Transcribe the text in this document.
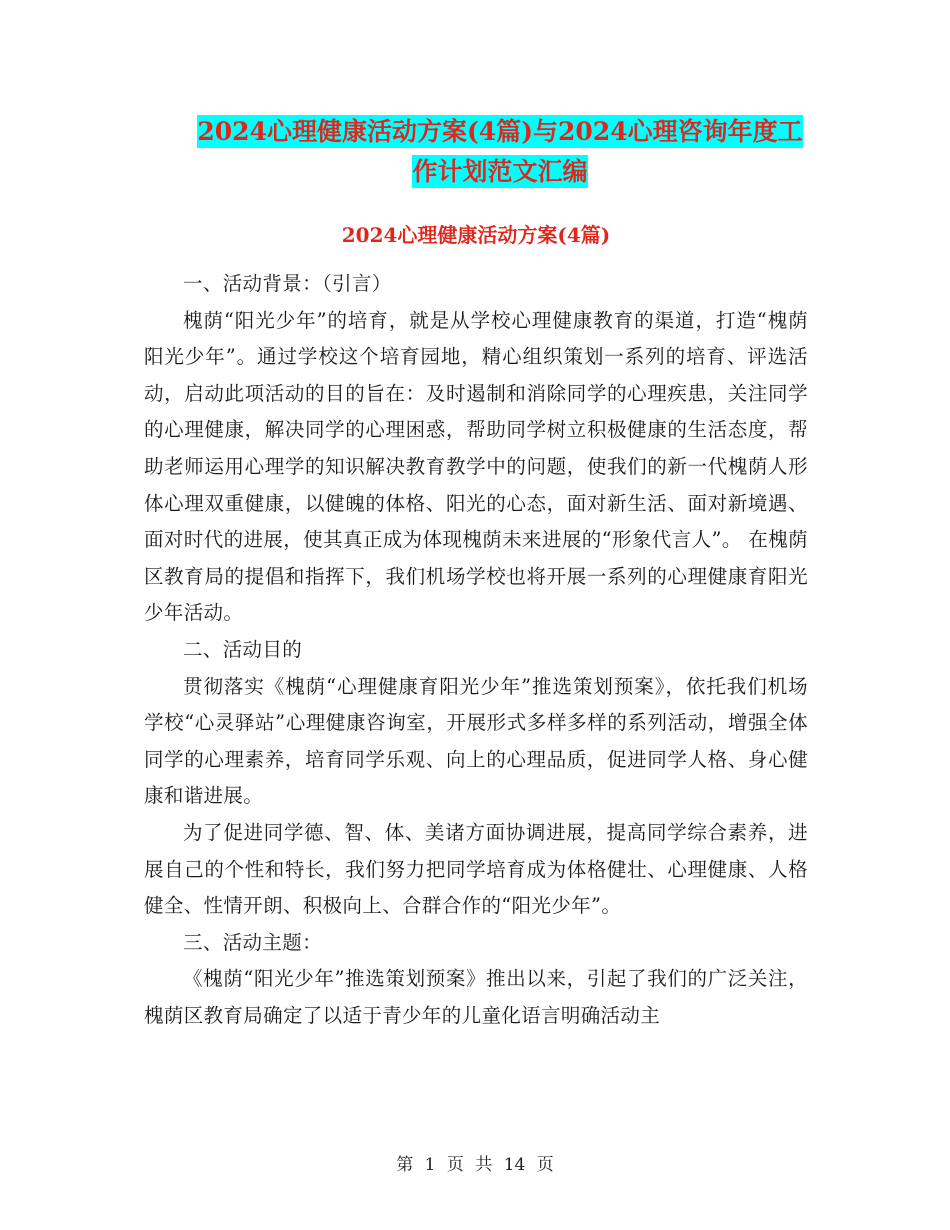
2024心理健康活动方案(4篇)与2024心理咨询年度工
作计划范文汇编
2024心理健康活动方案(4篇)

一、活动背景：（引言）

槐荫“阳光少年”的培育，就是从学校心理健康教育的渠道，打造“槐荫阳光少年”。通过学校这个培育园地，精心组织策划一系列的培育、评选活动，启动此项活动的目的旨在：及时遏制和消除同学的心理疾患，关注同学的心理健康，解决同学的心理困惑，帮助同学树立积极健康的生活态度，帮助老师运用心理学的知识解决教育教学中的问题，使我们的新一代槐荫人形体心理双重健康，以健魄的体格、阳光的心态，面对新生活、面对新境遇、面对时代的进展，使其真正成为体现槐荫未来进展的“形象代言人”。 在槐荫区教育局的提倡和指挥下，我们机场学校也将开展一系列的心理健康育阳光少年活动。

二、活动目的

贯彻落实《槐荫“心理健康育阳光少年”推选策划预案》，依托我们机场学校“心灵驿站”心理健康咨询室，开展形式多样多样的系列活动，增强全体同学的心理素养，培育同学乐观、向上的心理品质，促进同学人格、身心健康和谐进展。

为了促进同学德、智、体、美诸方面协调进展，提高同学综合素养，进展自己的个性和特长，我们努力把同学培育成为体格健壮、心理健康、人格健全、性情开朗、积极向上、合群合作的“阳光少年”。

三、活动主题：

《槐荫“阳光少年”推选策划预案》推出以来，引起了我们的广泛关注，槐荫区教育局确定了以适于青少年的儿童化语言明确活动主

第 1 页 共 14 页
